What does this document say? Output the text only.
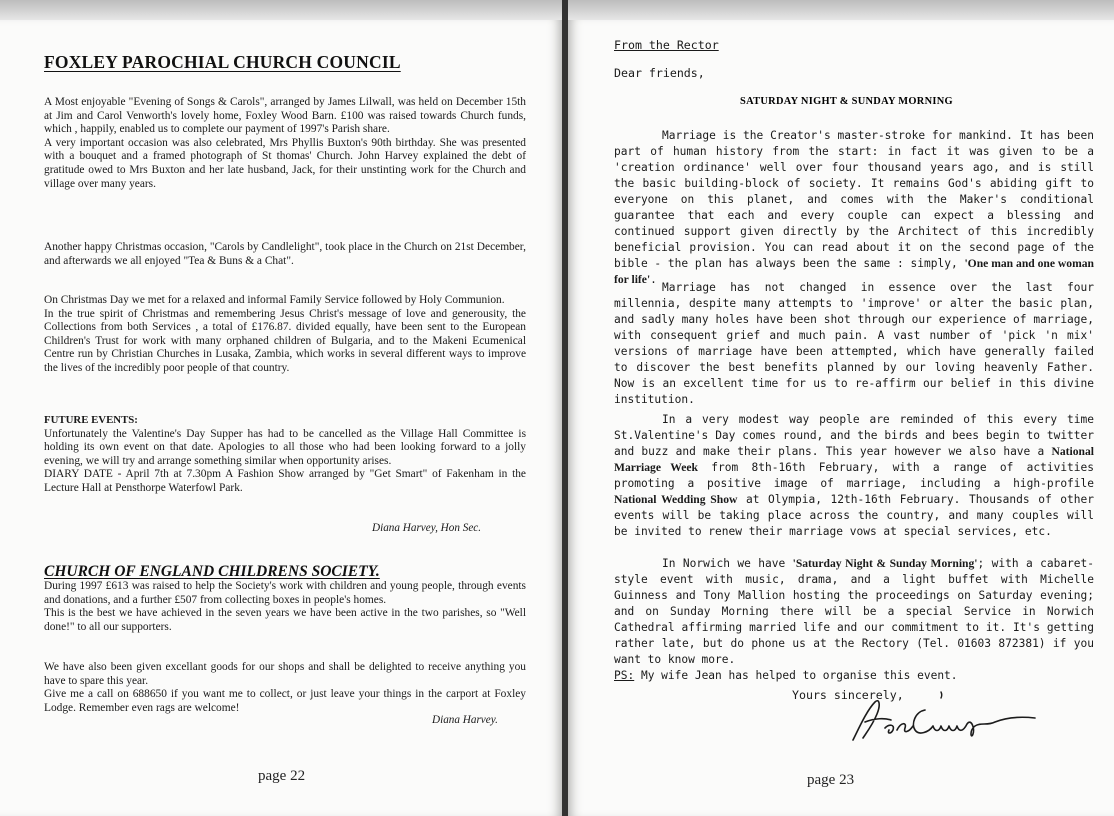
FOXLEY PAROCHIAL CHURCH COUNCIL

A Most enjoyable "Evening of Songs & Carols", arranged by James Lilwall, was held on December 15th at Jim and Carol Venworth's lovely home, Foxley Wood Barn. £100 was raised towards Church funds, which , happily, enabled us to complete our payment of 1997's Parish share.

A very important occasion was also celebrated, Mrs Phyllis Buxton's 90th birthday. She was presented with a bouquet and a framed photograph of St thomas' Church. John Harvey explained the debt of gratitude owed to Mrs Buxton and her late husband, Jack, for their unstinting work for the Church and village over many years.

Another happy Christmas occasion, "Carols by Candlelight", took place in the Church on 21st December, and afterwards we all enjoyed "Tea & Buns & a Chat".

On Christmas Day we met for a relaxed and informal Family Service followed by Holy Communion.

In the true spirit of Christmas and remembering Jesus Christ's message of love and generousity, the Collections from both Services , a total of £176.87. divided equally, have been sent to the European Children's Trust for work with many orphaned children of Bulgaria, and to the Makeni Ecumenical Centre run by Christian Churches in Lusaka, Zambia, which works in several different ways to improve the lives of the incredibly poor people of that country.

FUTURE EVENTS:

Unfortunately the Valentine's Day Supper has had to be cancelled as the Village Hall Committee is holding its own event on that date. Apologies to all those who had been looking forward to a jolly evening, we will try and arrange something similar when opportunity arises.

DIARY DATE - April 7th at 7.30pm A Fashion Show arranged by "Get Smart" of Fakenham in the Lecture Hall at Pensthorpe Waterfowl Park.

Diana Harvey, Hon Sec.
CHURCH OF ENGLAND CHILDRENS SOCIETY.

During 1997 £613 was raised to help the Society's work with children and young people, through events and donations, and a further £507 from collecting boxes in people's homes.

This is the best we have achieved in the seven years we have been active in the two parishes, so "Well done!" to all our supporters.

We have also been given excellant goods for our shops and shall be delighted to receive anything you have to spare this year.

Give me a call on 688650 if you want me to collect, or just leave your things in the carport at Foxley Lodge. Remember even rags are welcome!

Diana Harvey.
page 22
From the Rector
Dear friends,
SATURDAY NIGHT & SUNDAY MORNING

Marriage is the Creator's master-stroke for mankind. It has been part of human history from the start: in fact it was given to be a 'creation ordinance' well over four thousand years ago, and is still the basic building-block of society. It remains God's abiding gift to everyone on this planet, and comes with the Maker's conditional guarantee that each and every couple can expect a blessing and continued support given directly by the Architect of this incredibly beneficial provision. You can read about it on the second page of the bible - the plan has always been the same : simply, 'One man and one woman for life'.

Marriage has not changed in essence over the last four millennia, despite many attempts to 'improve' or alter the basic plan, and sadly many holes have been shot through our experience of marriage, with consequent grief and much pain. A vast number of 'pick 'n mix' versions of marriage have been attempted, which have generally failed to discover the best benefits planned by our loving heavenly Father. Now is an excellent time for us to re-affirm our belief in this divine institution.

In a very modest way people are reminded of this every time St.Valentine's Day comes round, and the birds and bees begin to twitter and buzz and make their plans. This year however we also have a National Marriage Week from 8th-16th February, with a range of activities promoting a positive image of marriage, including a high-profile National Wedding Show at Olympia, 12th-16th February. Thousands of other events will be taking place across the country, and many couples will be invited to renew their marriage vows at special services, etc.

In Norwich we have 'Saturday Night & Sunday Morning'; with a cabaret-style event with music, drama, and a light buffet with Michelle Guinness and Tony Mallion hosting the proceedings on Saturday evening; and on Sunday Morning there will be a special Service in Norwich Cathedral affirming married life and our commitment to it. It's getting rather late, but do phone us at the Rectory (Tel. 01603 872381) if you want to know more.

PS: My wife Jean has helped to organise this event.

Yours sincerely,
page 23
